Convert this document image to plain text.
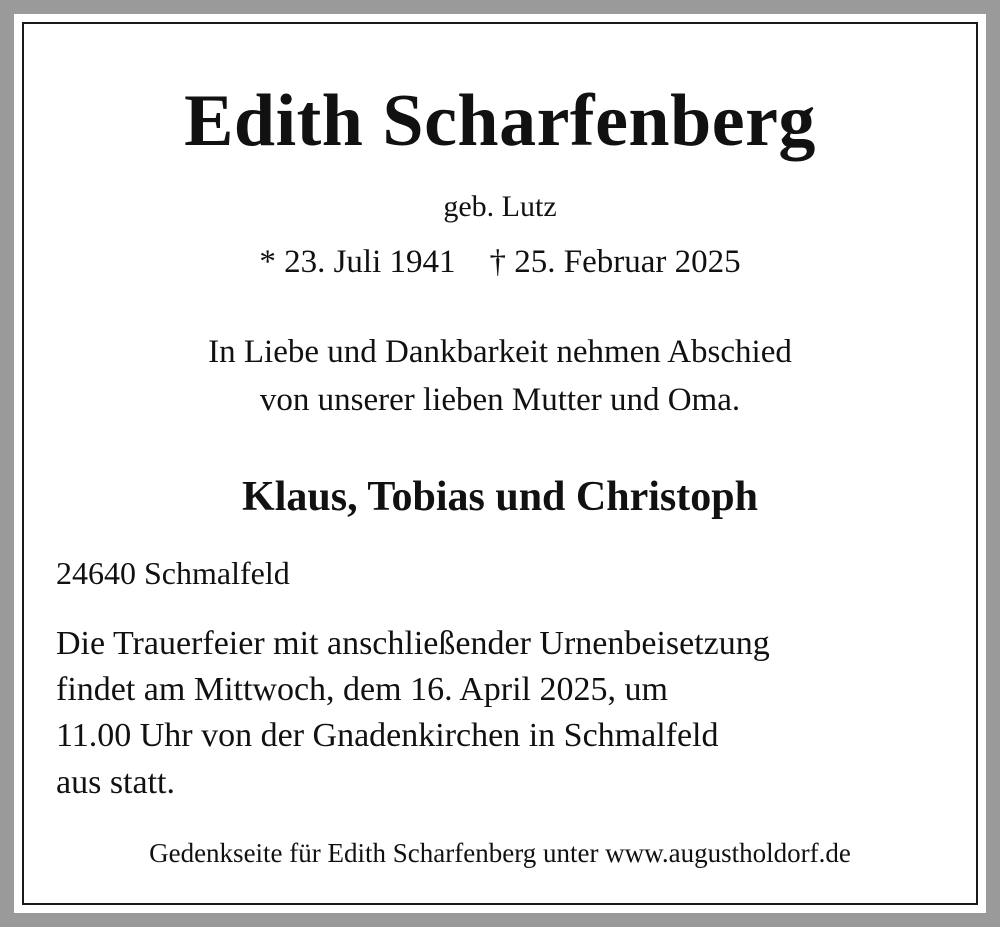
Edith Scharfenberg
geb. Lutz
* 23. Juli 1941 † 25. Februar 2025
In Liebe und Dankbarkeit nehmen Abschied
von unserer lieben Mutter und Oma.
Klaus, Tobias und Christoph
24640 Schmalfeld
Die Trauerfeier mit anschließender Urnenbeisetzung
findet am Mittwoch, dem 16. April 2025, um
11.00 Uhr von der Gnadenkirchen in Schmalfeld
aus statt.
Gedenkseite für Edith Scharfenberg unter www.augustholdorf.de
